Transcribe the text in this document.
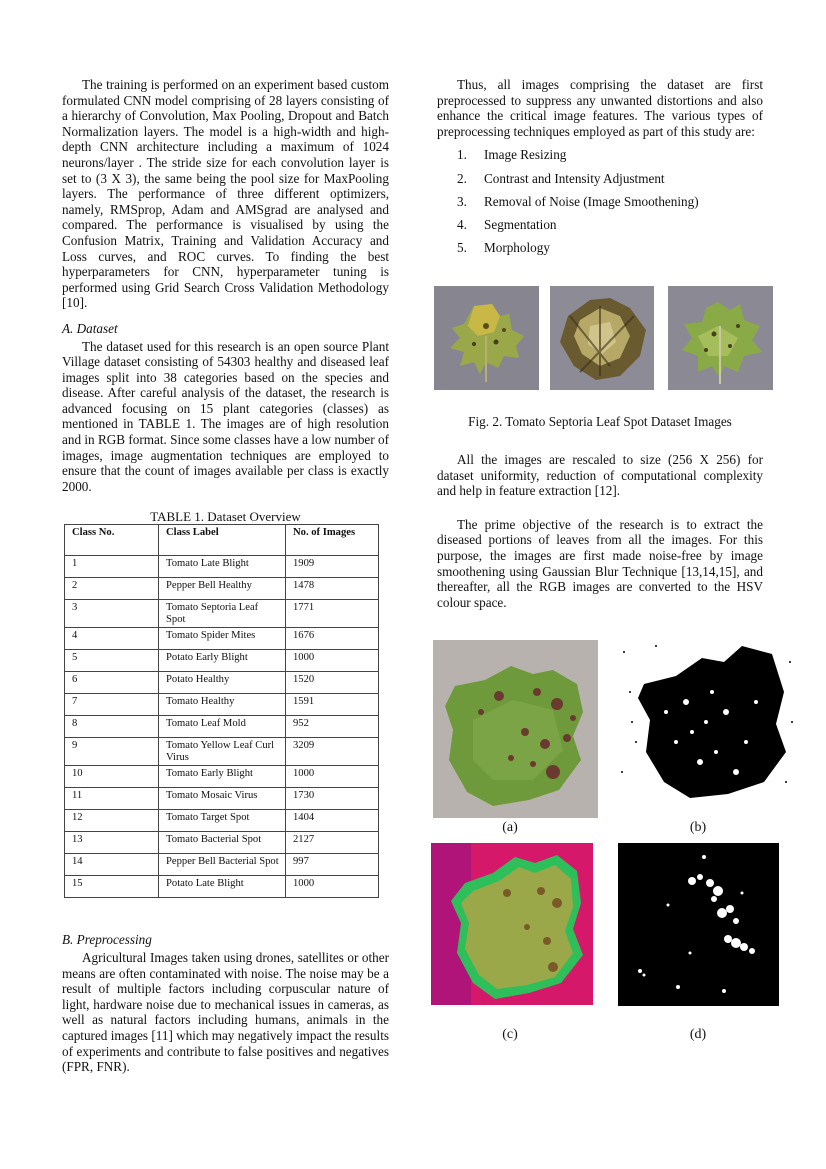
The training is performed on an experiment based custom formulated CNN model comprising of 28 layers consisting of a hierarchy of Convolution, Max Pooling, Dropout and Batch Normalization layers. The model is a high-width and high-depth CNN architecture including a maximum of 1024 neurons/layer . The stride size for each convolution layer is set to (3 X 3), the same being the pool size for MaxPooling layers. The performance of three different optimizers, namely, RMSprop, Adam and AMSgrad are analysed and compared. The performance is visualised by using the Confusion Matrix, Training and Validation Accuracy and Loss curves, and ROC curves. To finding the best hyperparameters for CNN, hyperparameter tuning is performed using Grid Search Cross Validation Methodology [10].

A. Dataset

The dataset used for this research is an open source Plant Village dataset consisting of 54303 healthy and diseased leaf images split into 38 categories based on the species and disease. After careful analysis of the dataset, the research is advanced focusing on 15 plant categories (classes) as mentioned in TABLE 1. The images are of high resolution and in RGB format. Since some classes have a low number of images, image augmentation techniques are employed to ensure that the count of images available per class is exactly 2000.

TABLE 1. Dataset Overview
Class No.	Class Label	No. of Images
1	Tomato Late Blight	1909
2	Pepper Bell Healthy	1478
3	Tomato Septoria Leaf Spot	1771
4	Tomato Spider Mites	1676
5	Potato Early Blight	1000
6	Potato Healthy	1520
7	Tomato Healthy	1591
8	Tomato Leaf Mold	952
9	Tomato Yellow Leaf Curl Virus	3209
10	Tomato Early Blight	1000
11	Tomato Mosaic Virus	1730
12	Tomato Target Spot	1404
13	Tomato Bacterial Spot	2127
14	Pepper Bell Bacterial Spot	997
15	Potato Late Blight	1000

B. Preprocessing

Agricultural Images taken using drones, satellites or other means are often contaminated with noise. The noise may be a result of multiple factors including corpuscular nature of light, hardware noise due to mechanical issues in cameras, as well as natural factors including humans, animals in the captured images [11] which may negatively impact the results of experiments and contribute to false positives and negatives (FPR, FNR).

Thus, all images comprising the dataset are first preprocessed to suppress any unwanted distortions and also enhance the critical image features. The various types of preprocessing techniques employed as part of this study are:

1.	Image Resizing
2.	Contrast and Intensity Adjustment
3.	Removal of Noise (Image Smoothening)
4.	Segmentation
5.	Morphology
Fig. 2. Tomato Septoria Leaf Spot Dataset Images

All the images are rescaled to size (256 X 256) for dataset uniformity, reduction of computational complexity and help in feature extraction [12].

The prime objective of the research is to extract the diseased portions of leaves from all the images. For this purpose, the images are first made noise-free by image smoothening using Gaussian Blur Technique [13,14,15], and thereafter, all the RGB images are converted to the HSV colour space.

(a)	(b)
(c)	(d)
